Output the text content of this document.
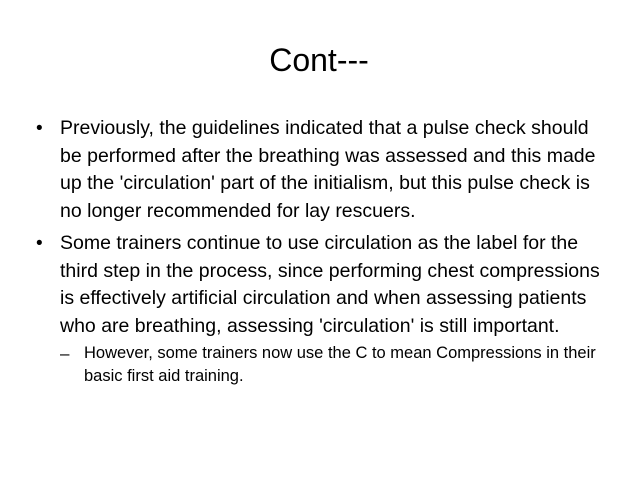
Cont---
• Previously, the guidelines indicated that a pulse check should be performed after the breathing was assessed and this made up the 'circulation' part of the initialism, but this pulse check is no longer recommended for lay rescuers.
• Some trainers continue to use circulation as the label for the third step in the process, since performing chest compressions is effectively artificial circulation and when assessing patients who are breathing, assessing 'circulation' is still important.
– However, some trainers now use the C to mean Compressions in their basic first aid training.
